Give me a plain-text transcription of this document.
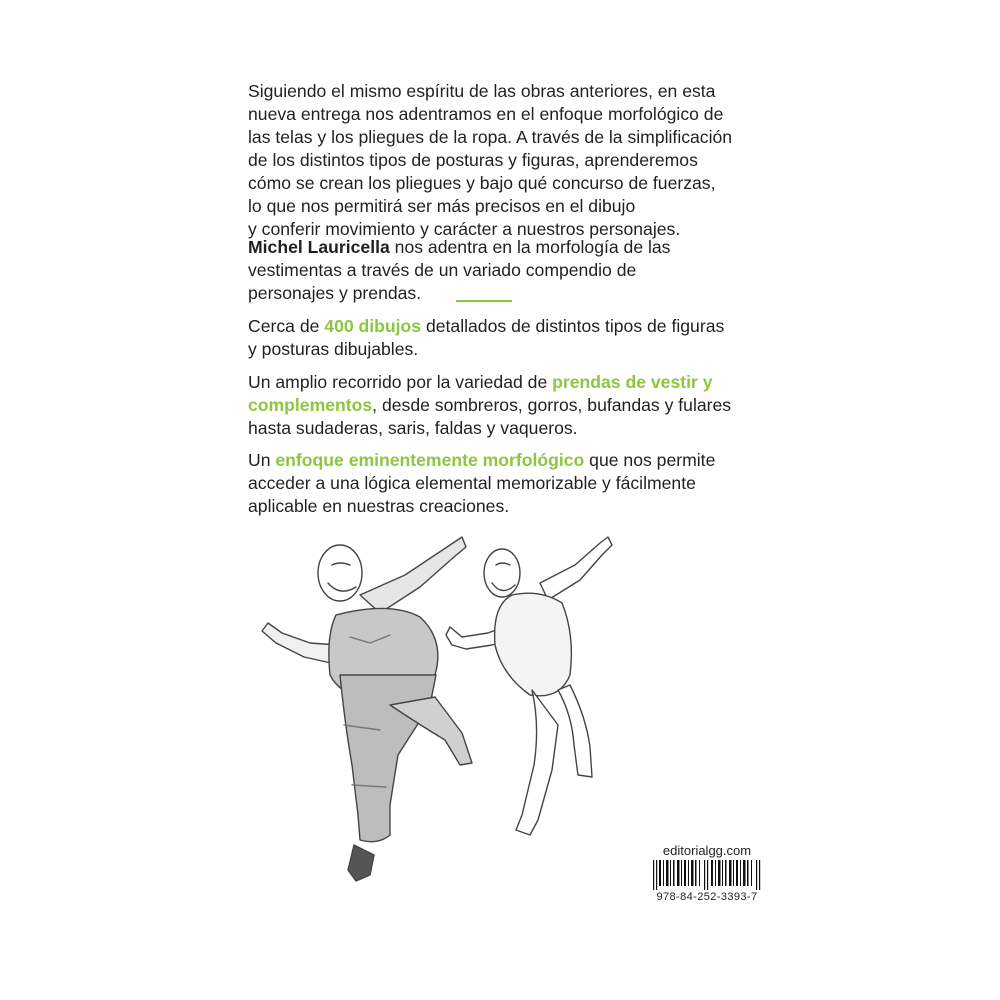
Siguiendo el mismo espíritu de las obras anteriores, en esta

nueva entrega nos adentramos en el enfoque morfológico de

las telas y los pliegues de la ropa. A través de la simplificación

de los distintos tipos de posturas y figuras, aprenderemos

cómo se crean los pliegues y bajo qué concurso de fuerzas,

lo que nos permitirá ser más precisos en el dibujo

y conferir movimiento y carácter a nuestros personajes.

Michel Lauricella nos adentra en la morfología de las

vestimentas a través de un variado compendio de

personajes y prendas.

Cerca de 400 dibujos detallados de distintos tipos de figuras

y posturas dibujables.

Un amplio recorrido por la variedad de prendas de vestir y

complementos, desde sombreros, gorros, bufandas y fulares

hasta sudaderas, saris, faldas y vaqueros.

Un enfoque eminentemente morfológico que nos permite

acceder a una lógica elemental memorizable y fácilmente

aplicable en nuestras creaciones.

editorialgg.com
978-84-252-3393-7
